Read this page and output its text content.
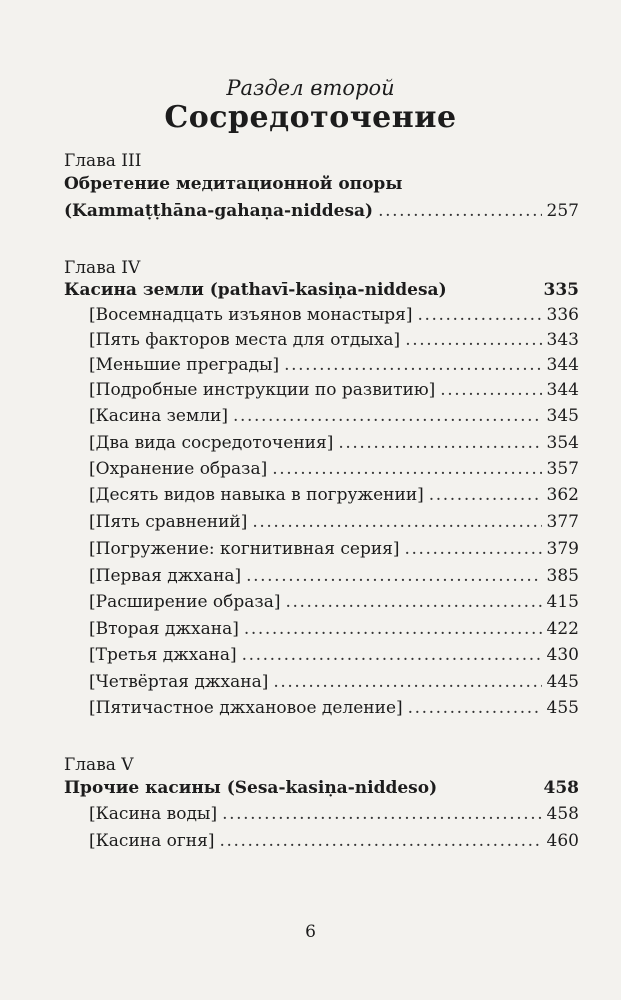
Раздел второй
Сосредоточение
Глава III
Обретение медитационной опоры
(Kammaṭṭhāna-gahaṇa-niddesa) .....	257
Глава IV
Касина земли (pathavī-kasiṇa-niddesa)	335
[Восемнадцать изъянов монастыря] .....	336
[Пять факторов места для отдыха] .....	343
[Меньшие преграды] .....	344
[Подробные инструкции по развитию] .....	344
[Касина земли] .....	345
[Два вида сосредоточения] .....	354
[Охранение образа] .....	357
[Десять видов навыка в погружении] .....	362
[Пять сравнений] .....	377
[Погружение: когнитивная серия] .....	379
[Первая джхана] .....	385
[Расширение образа] .....	415
[Вторая джхана] .....	422
[Третья джхана] .....	430
[Четвёртая джхана] .....	445
[Пятичастное джхановое деление] .....	455
Глава V
Прочие касины (Sesa-kasiṇa-niddeso)	458
[Касина воды] .....	458
[Касина огня] .....	460
6
